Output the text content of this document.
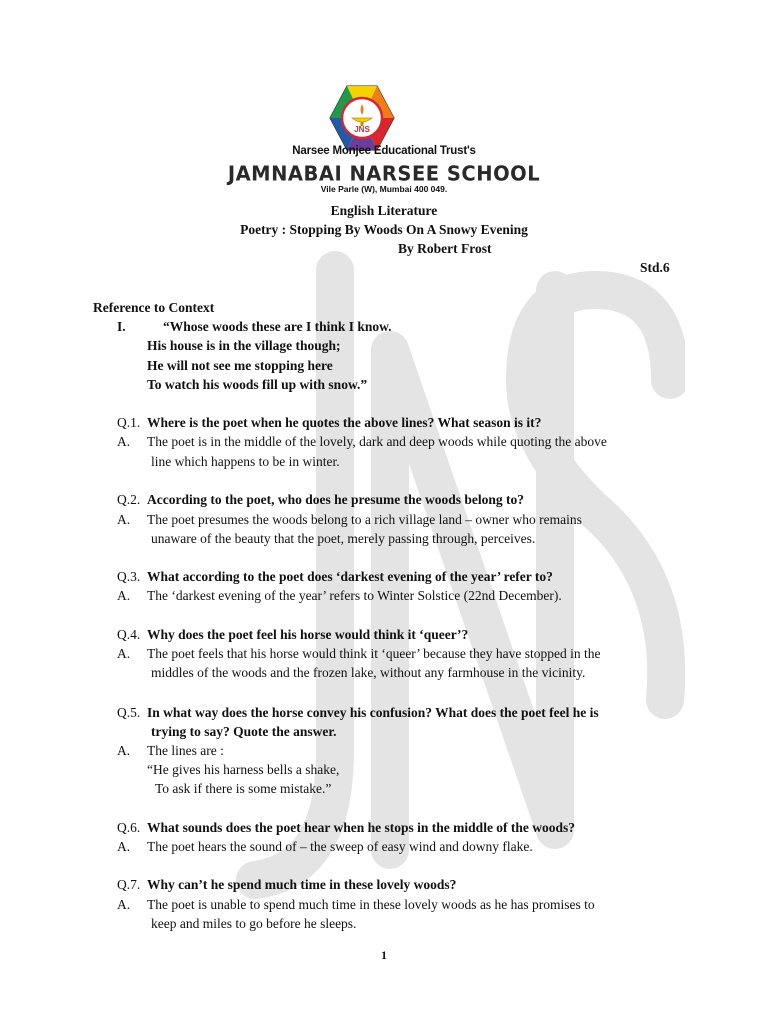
JNS
Narsee Monjee Educational Trust's
JAMNABAI NARSEE SCHOOL
Vile Parle (W), Mumbai 400 049.
English Literature
Poetry : Stopping By Woods On A Snowy Evening
By Robert Frost
Std.6
Reference to Context
I.	“Whose woods these are I think I know.
His house is in the village though;
He will not see me stopping here
To watch his woods fill up with snow.”
Q.1. Where is the poet when he quotes the above lines? What season is it?
A. The poet is in the middle of the lovely, dark and deep woods while quoting the above
line which happens to be in winter.
Q.2. According to the poet, who does he presume the woods belong to?
A. The poet presumes the woods belong to a rich village land – owner who remains
unaware of the beauty that the poet, merely passing through, perceives.
Q.3. What according to the poet does ‘darkest evening of the year’ refer to?
A. The ‘darkest evening of the year’ refers to Winter Solstice (22nd December).
Q.4. Why does the poet feel his horse would think it ‘queer’?
A. The poet feels that his horse would think it ‘queer’ because they have stopped in the
middles of the woods and the frozen lake, without any farmhouse in the vicinity.
Q.5. In what way does the horse convey his confusion? What does the poet feel he is
trying to say? Quote the answer.
A. The lines are :
“He gives his harness bells a shake,
To ask if there is some mistake.”
Q.6. What sounds does the poet hear when he stops in the middle of the woods?
A. The poet hears the sound of – the sweep of easy wind and downy flake.
Q.7. Why can’t he spend much time in these lovely woods?
A. The poet is unable to spend much time in these lovely woods as he has promises to
keep and miles to go before he sleeps.
1
